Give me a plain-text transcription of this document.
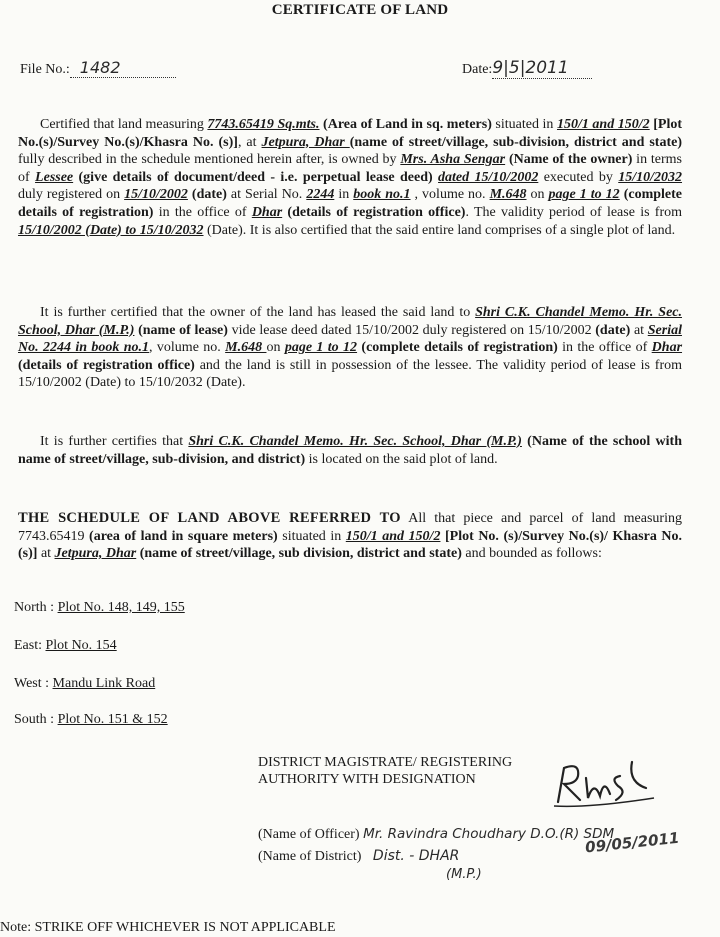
CERTIFICATE OF LAND
File No.: 1482	Date:9|5|2011
Certified that land measuring 7743.65419 Sq.mts. (Area of Land in sq. meters) situated in 150/1 and 150/2 [Plot No.(s)/Survey No.(s)/Khasra No. (s)], at Jetpura, Dhar (name of street/village, sub-division, district and state) fully described in the schedule mentioned herein after, is owned by Mrs. Asha Sengar (Name of the owner) in terms of Lessee (give details of document/deed - i.e. perpetual lease deed) dated 15/10/2002 executed by 15/10/2032 duly registered on 15/10/2002 (date) at Serial No. 2244 in book no.1 , volume no. M.648 on page 1 to 12 (complete details of registration) in the office of Dhar (details of registration office). The validity period of lease is from 15/10/2002 (Date) to 15/10/2032 (Date). It is also certified that the said entire land comprises of a single plot of land.
It is further certified that the owner of the land has leased the said land to Shri C.K. Chandel Memo. Hr. Sec. School, Dhar (M.P.) (name of lease) vide lease deed dated 15/10/2002 duly registered on 15/10/2002 (date) at Serial No. 2244 in book no.1, volume no. M.648 on page 1 to 12 (complete details of registration) in the office of Dhar (details of registration office) and the land is still in possession of the lessee. The validity period of lease is from 15/10/2002 (Date) to 15/10/2032 (Date).
It is further certifies that Shri C.K. Chandel Memo. Hr. Sec. School, Dhar (M.P.) (Name of the school with name of street/village, sub-division, and district) is located on the said plot of land.
THE SCHEDULE OF LAND ABOVE REFERRED TO All that piece and parcel of land measuring 7743.65419 (area of land in square meters) situated in 150/1 and 150/2 [Plot No. (s)/Survey No.(s)/ Khasra No. (s)] at Jetpura, Dhar (name of street/village, sub division, district and state) and bounded as follows:
North : Plot No. 148, 149, 155
East: Plot No. 154
West : Mandu Link Road
South : Plot No. 151 & 152
DISTRICT MAGISTRATE/ REGISTERING
AUTHORITY WITH DESIGNATION
(Name of Officer) Mr. Ravindra Choudhary D.O.(R) SDM
(Name of District) Dist. - DHAR
(M.P.)
09/05/2011
Note: STRIKE OFF WHICHEVER IS NOT APPLICABLE
